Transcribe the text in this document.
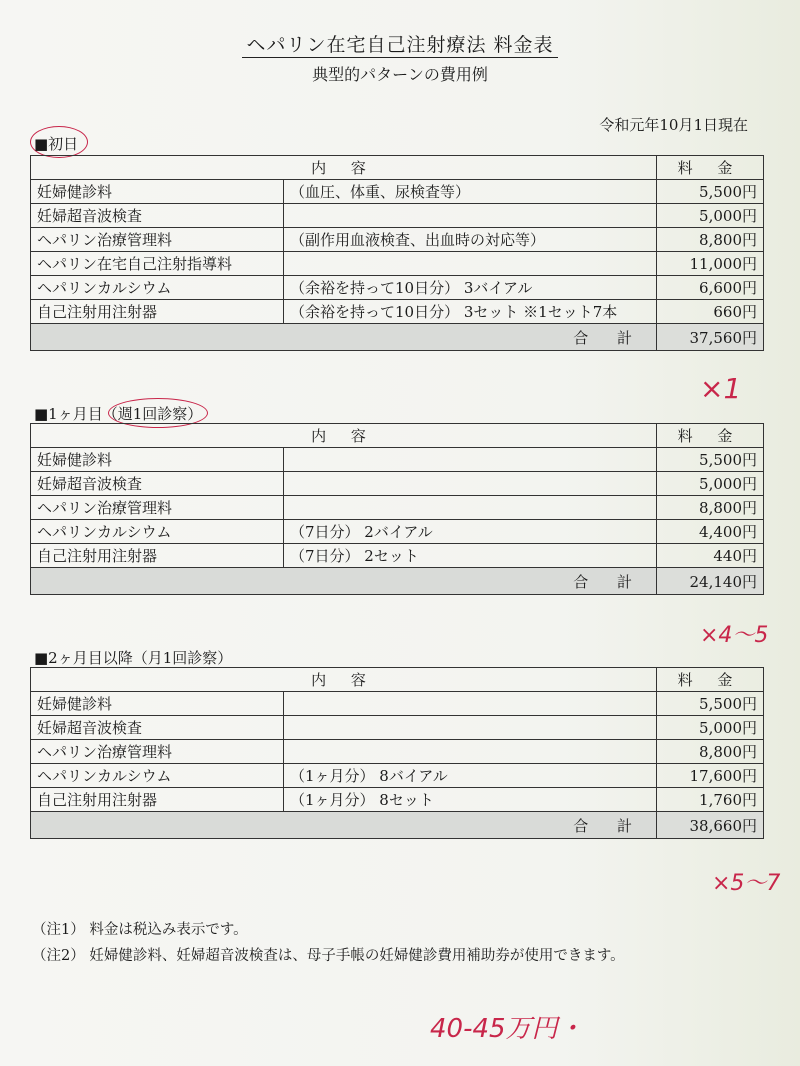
ヘパリン在宅自己注射療法 料金表
典型的パターンの費用例
令和元年10月1日現在
■初日
内 容		料 金
妊婦健診料	（血圧、体重、尿検査等）	5,500円
妊婦超音波検査		5,000円
ヘパリン治療管理料	（副作用血液検査、出血時の対応等）	8,800円
ヘパリン在宅自己注射指導料		11,000円
ヘパリンカルシウム	（余裕を持って10日分） 3バイアル	6,600円
自己注射用注射器	（余裕を持って10日分） 3セット ※1セット7本	660円
合 計		37,560円
×1
■1ヶ月目（週1回診察）
内 容		料 金
妊婦健診料		5,500円
妊婦超音波検査		5,000円
ヘパリン治療管理料		8,800円
ヘパリンカルシウム	（7日分） 2バイアル	4,400円
自己注射用注射器	（7日分） 2セット	440円
合 計		24,140円
×4〜5
■2ヶ月目以降（月1回診察）
内 容		料 金
妊婦健診料		5,500円
妊婦超音波検査		5,000円
ヘパリン治療管理料		8,800円
ヘパリンカルシウム	（1ヶ月分） 8バイアル	17,600円
自己注射用注射器	（1ヶ月分） 8セット	1,760円
合 計		38,660円
×5〜7
（注1） 料金は税込み表示です。
（注2） 妊婦健診料、妊婦超音波検査は、母子手帳の妊婦健診費用補助券が使用できます。
40-45万円・
